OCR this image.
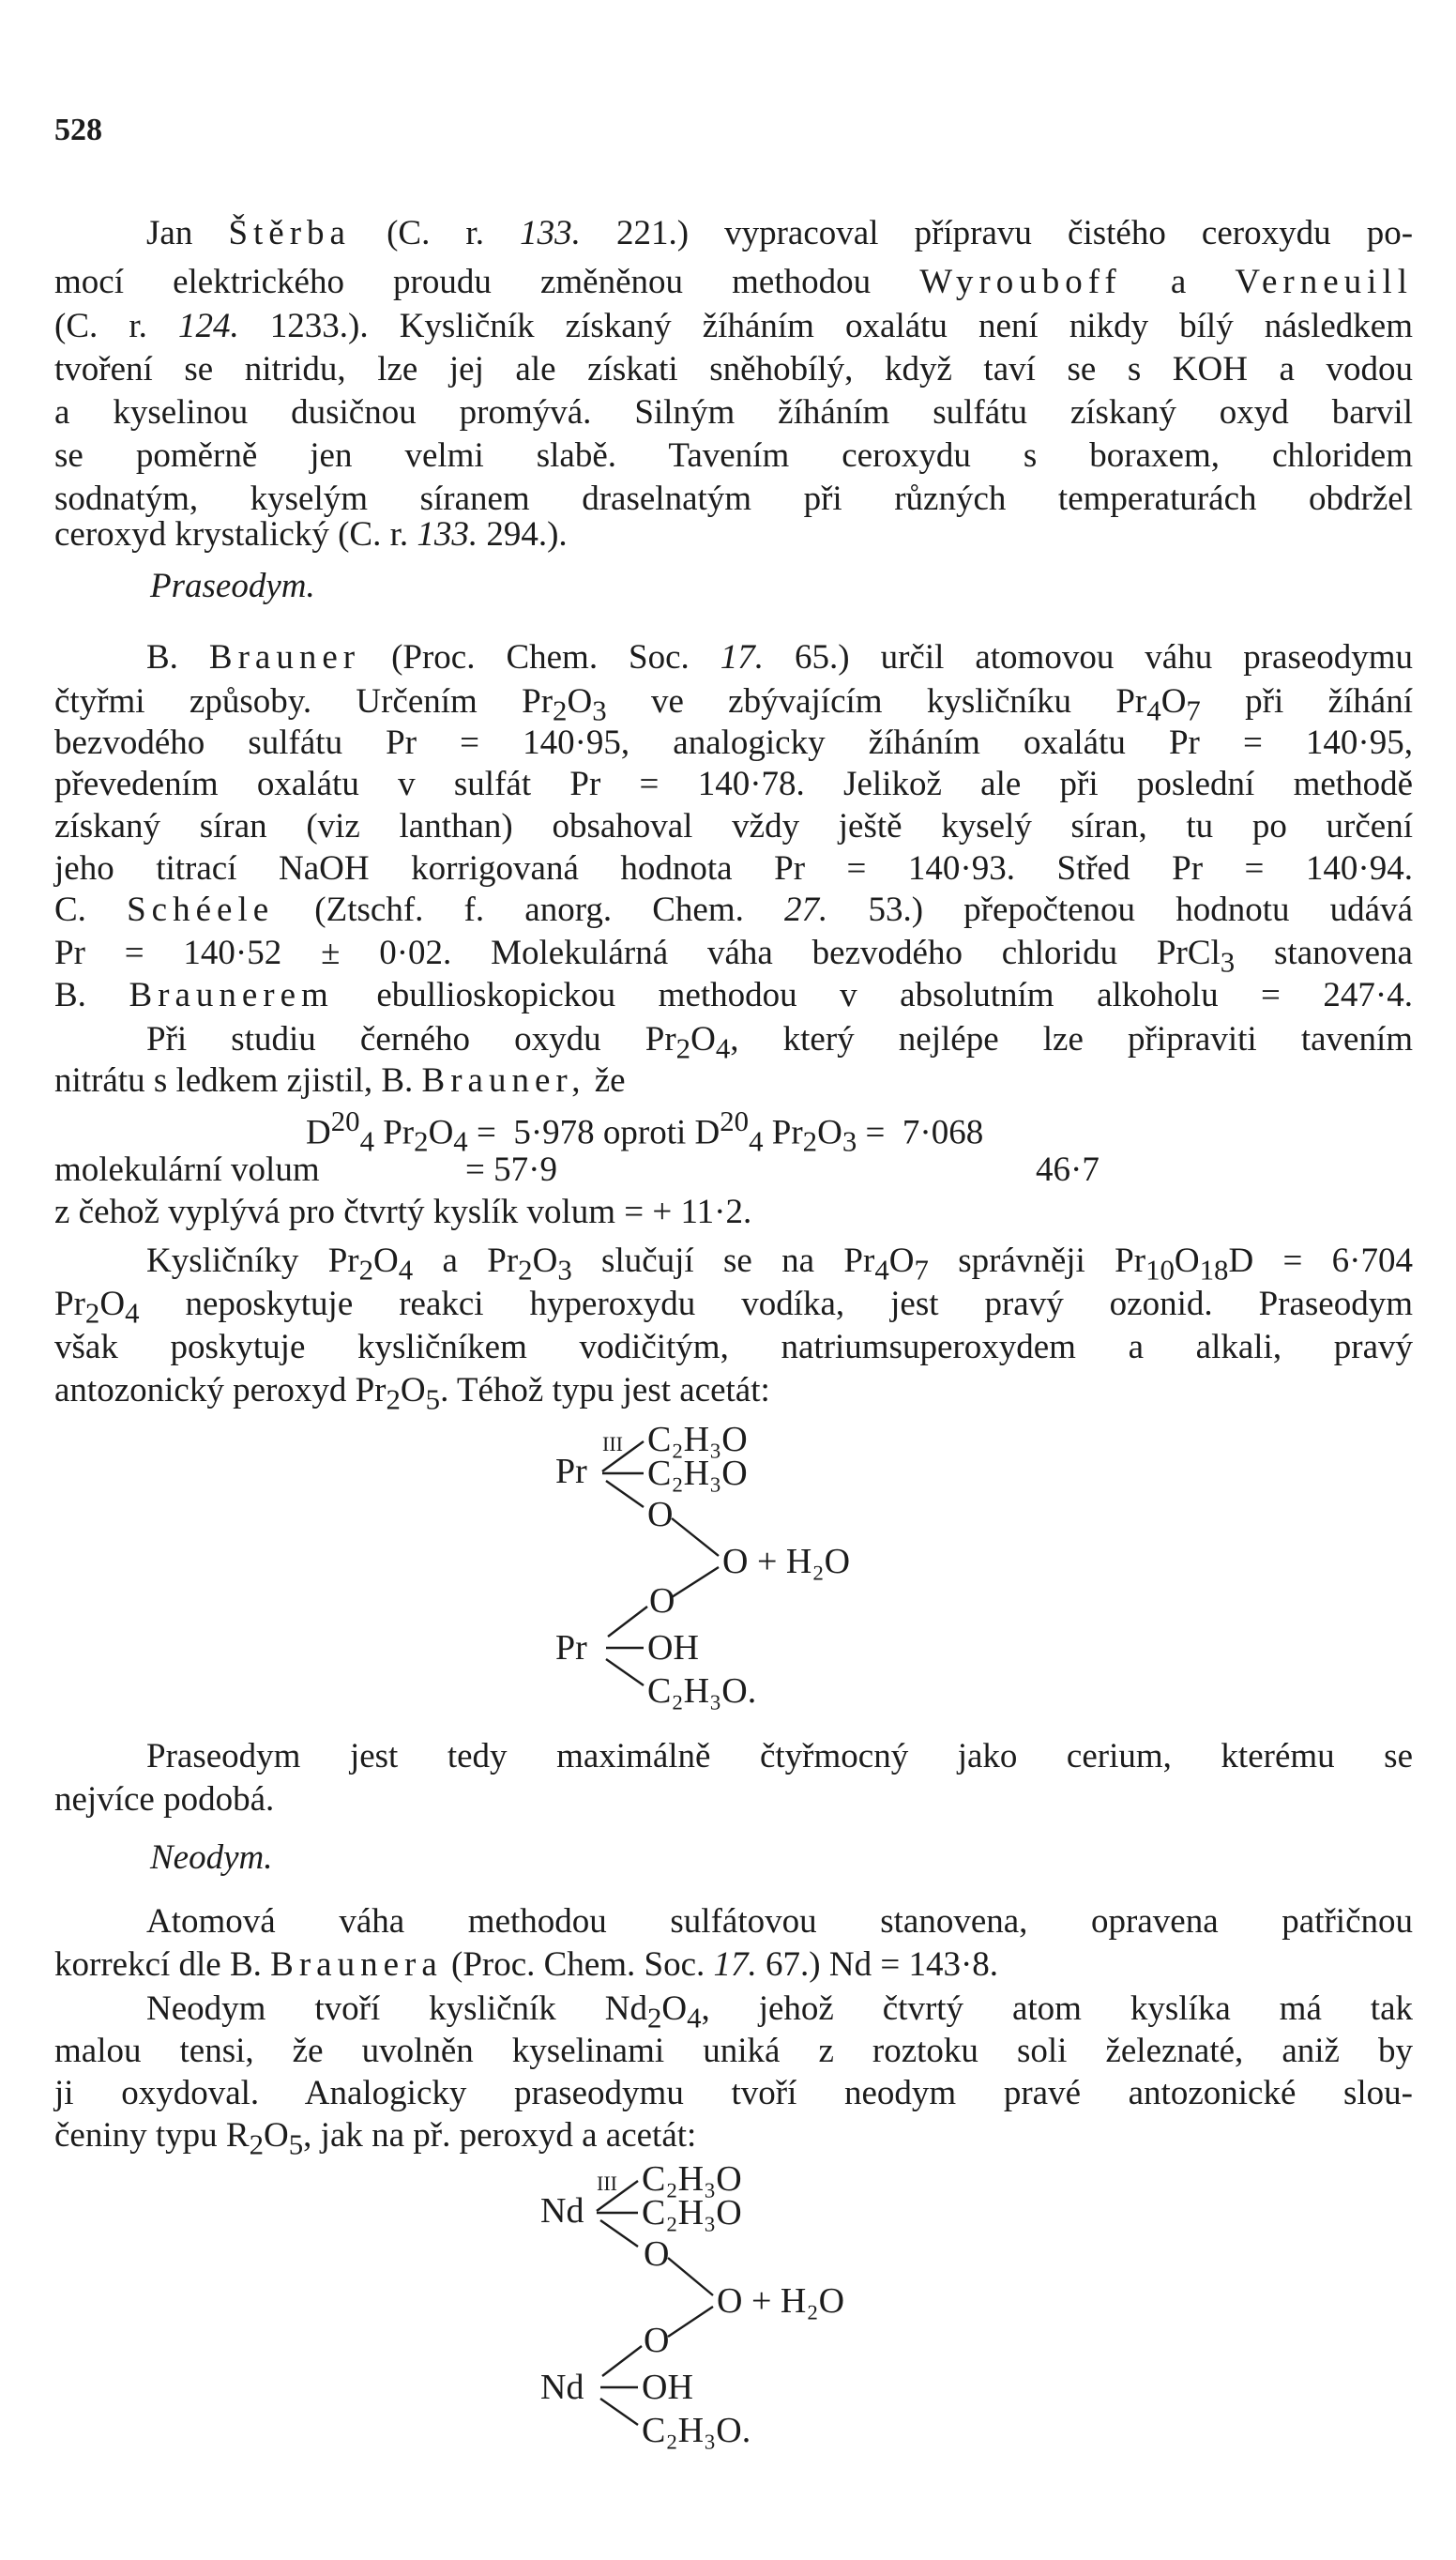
528
Jan Štěrba (C. r. 133. 221.) vypracoval přípravu čistého ceroxydu po-
mocí elektrického proudu změněnou methodou Wyrouboff a Verneuill
(C. r. 124. 1233.). Kysličník získaný žíháním oxalátu není nikdy bílý následkem
tvoření se nitridu, lze jej ale získati sněhobílý, když taví se s KOH a vodou
a kyselinou dusičnou promývá. Silným žíháním sulfátu získaný oxyd barvil
se poměrně jen velmi slabě. Tavením ceroxydu s boraxem, chloridem
sodnatým, kyselým síranem draselnatým při různých temperaturách obdržel
ceroxyd krystalický (C. r. 133. 294.).
Praseodym.
B. Brauner (Proc. Chem. Soc. 17. 65.) určil atomovou váhu praseodymu
čtyřmi způsoby. Určením $Pr_2O_3$ ve zbývajícím kysličníku $Pr_4O_7$ při žíhání
bezvodého sulfátu Pr = 140·95, analogicky žíháním oxalátu Pr = 140·95,
převedením oxalátu v sulfát Pr = 140·78. Jelikož ale při poslední methodě
získaný síran (viz lanthan) obsahoval vždy ještě kyselý síran, tu po určení
jeho titrací NaOH korrigovaná hodnota Pr = 140·93. Střed Pr = 140·94.
C. Schéele (Ztschf. f. anorg. Chem. 27. 53.) přepočtenou hodnotu udává
Pr = 140·52 ± 0·02. Molekulárná váha bezvodého chloridu PrCl$_3$ stanovena
B. Braunerem ebullioskopickou methodou v absolutním alkoholu = 247·4.
Při studiu černého oxydu $Pr_2O_4$, který nejlépe lze připraviti tavením
nitrátu s ledkem zjistil, B. Brauner, že
$D^{20}_4$ $Pr_2O_4 = 5\cdot 978$ oproti $D^{20}_4$ $Pr_2O_3 = 7\cdot 068$
molekulární volum	= 57·9	46·7
z čehož vyplývá pro čtvrtý kyslík volum = + 11·2.
Kysličníky $Pr_2O_4$ a $Pr_2O_3$ slučují se na $Pr_4O_7$ správněji $Pr_{10}O_{18}D = 6\cdot 704$
$Pr_2O_4$ neposkytuje reakci hyperoxydu vodíka, jest pravý ozonid. Praseodym
však poskytuje kysličníkem vodičitým, natriumsuperoxydem a alkali, pravý
antozonický peroxyd $Pr_2O_5$. Téhož typu jest acetát:
III
Pr
C₂H₃O
C₂H₃O
O
O + H₂O
O
Pr OH
C₂H₃O.
Praseodym jest tedy maximálně čtyřmocný jako cerium, kterému se
nejvíce podobá.
Neodym.
Atomová váha methodou sulfátovou stanovena, opravena patřičnou
korrekcí dle B. Braunera (Proc. Chem. Soc. 17. 67.) Nd = 143·8.
Neodym tvoří kysličník $Nd_2O_4$, jehož čtvrtý atom kyslíka má tak
malou tensi, že uvolněn kyselinami uniká z roztoku soli železnaté, aniž by
ji oxydoval. Analogicky praseodymu tvoří neodym pravé antozonické slou-
čeniny typu $R_2O_5$, jak na př. peroxyd a acetát:
III
Nd
C₂H₃O
C₂H₃O
O
O + H₂O
O
Nd OH
C₂H₃O.
